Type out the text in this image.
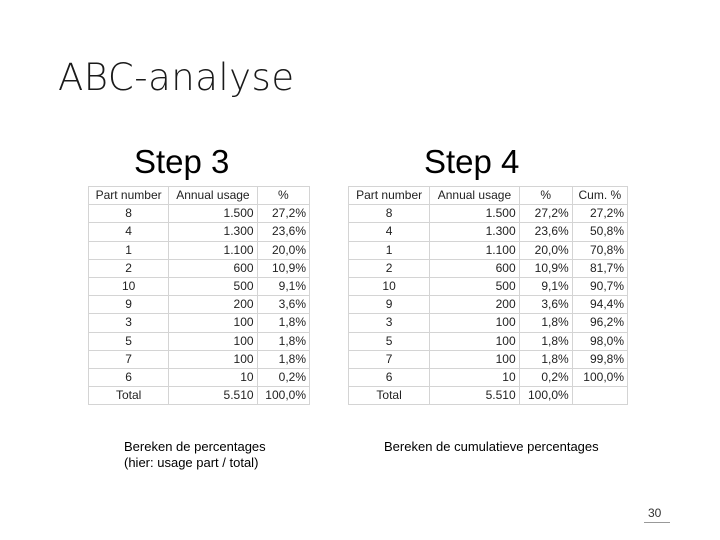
ABC-analyse
Step 3	Step 4
Part number	Annual usage	%
8	1.500	27,2%
4	1.300	23,6%
1	1.100	20,0%
2	600	10,9%
10	500	9,1%
9	200	3,6%
3	100	1,8%
5	100	1,8%
7	100	1,8%
6	10	0,2%
Total	5.510	100,0%
Part number	Annual usage	%	Cum. %
8	1.500	27,2%	27,2%
4	1.300	23,6%	50,8%
1	1.100	20,0%	70,8%
2	600	10,9%	81,7%
10	500	9,1%	90,7%
9	200	3,6%	94,4%
3	100	1,8%	96,2%
5	100	1,8%	98,0%
7	100	1,8%	99,8%
6	10	0,2%	100,0%
Total	5.510	100,0%	
Bereken de percentages
(hier: usage part / total)
Bereken de cumulatieve percentages
30
